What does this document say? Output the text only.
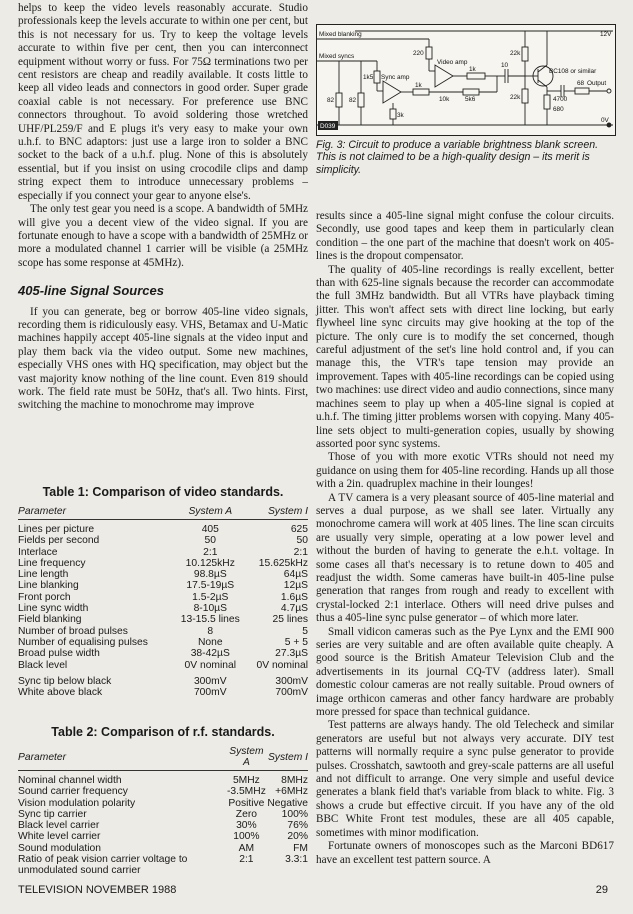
helps to keep the video levels reasonably accurate. Studio professionals keep the levels accurate to within one per cent, but this is not necessary for us. Try to keep the voltage levels accurate to within five per cent, then you can interconnect equipment without worry or fuss. For 75Ω terminations two per cent resistors are cheap and readily available. It costs little to keep all video leads and connectors in good order. Super grade coaxial cable is not necessary. For preference use BNC connectors throughout. To avoid soldering those wretched UHF/PL259/F and E plugs it's very easy to make your own u.h.f. to BNC adaptors: just use a large iron to solder a BNC socket to the back of a u.h.f. plug. None of this is absolutely essential, but if you insist on using crocodile clips and damp string expect them to introduce unnecessary problems – especially if you connect your gear to anyone else's.

The only test gear you need is a scope. A bandwidth of 5MHz will give you a decent view of the video signal. If you are fortunate enough to have a scope with a bandwidth of 25MHz or more a modulated channel 1 carrier will be visible (a 25MHz scope has some response at 45MHz).

405-line Signal Sources

If you can generate, beg or borrow 405-line video signals, recording them is ridiculously easy. VHS, Betamax and U-Matic machines happily accept 405-line signals at the video input and play them back via the video output. Some new machines, especially VHS ones with HQ specification, may object but the vast majority know nothing of the line count. Even 819 should work. The field rate must be 50Hz, that's all. Two hints. First, switching the machine to monochrome may improve

Table 1: Comparison of video standards.
Parameter	System A	System I
Lines per picture	405	625
Fields per second	50	50
Interlace	2:1	2:1
Line frequency	10.125kHz	15.625kHz
Line length	98.8µS	64µS
Line blanking	17.5-19µS	12µS
Front porch	1.5-2µS	1.6µS
Line sync width	8-10µS	4.7µS
Field blanking	13-15.5 lines	25 lines
Number of broad pulses	8	5
Number of equalising pulses	None	5 + 5
Broad pulse width	38-42µS	27.3µS
Black level	0V nominal	0V nominal
Sync tip below black	300mV	300mV
White above black	700mV	700mV
Table 2: Comparison of r.f. standards.
Parameter	System A	System I
Nominal channel width	5MHz	8MHz
Sound carrier frequency	-3.5MHz	+6MHz
Vision modulation polarity	Positive	Negative
Sync tip carrier	Zero	100%
Black level carrier	30%	76%
White level carrier	100%	20%
Sound modulation	AM	FM
Ratio of peak vision carrier voltage to unmodulated sound carrier	2:1	3.3:1
Mixed blanking
Mixed syncs
12V
0V
Video amp
Sync amp
BC108 or similar
Output
220
1k
5k6
10
22k
22k
1k5
1k
10k
82 82
3k
4700
68
680
D039
Fig. 3: Circuit to produce a variable brightness blank screen. This is not claimed to be a high-quality design – its merit is simplicity.

results since a 405-line signal might confuse the colour circuits. Secondly, use good tapes and keep them in particularly clean condition – the one part of the machine that doesn't work on 405-lines is the dropout compensator.

The quality of 405-line recordings is really excellent, better than with 625-line signals because the recorder can accommodate the full 3MHz bandwidth. But all VTRs have playback timing jitter. This won't affect sets with direct line locking, but early flywheel line sync circuits may give hooking at the top of the picture. The only cure is to modify the set concerned, though careful adjustment of the set's line hold control and, if you can manage this, the VTR's tape tension may provide an improvement. Tapes with 405-line recordings can be copied using two machines: use direct video and audio connections, since many machines seem to play up when a 405-line signal is copied at u.h.f. The timing jitter problems worsen with copying. Many 405-line sets object to multi-generation copies, usually by showing assorted poor sync systems.

Those of you with more exotic VTRs should not need my guidance on using them for 405-line recording. Hands up all those with a 2in. quadruplex machine in their lounges!

A TV camera is a very pleasant source of 405-line material and serves a dual purpose, as we shall see later. Virtually any monochrome camera will work at 405 lines. The line scan circuits are usually very simple, operating at a low power level and without the burden of having to generate the e.h.t. voltage. In some cases all that's necessary is to retune down to 405 and readjust the width. Some cameras have built-in 405-line pulse generation that ranges from rough and ready to excellent with crystal-locked 2:1 interlace. Others will need drive pulses and thus a 405-line sync pulse generator – of which more later.

Small vidicon cameras such as the Pye Lynx and the EMI 900 series are very suitable and are often available quite cheaply. A good source is the British Amateur Television Club and the advertisements in its journal CQ-TV (address later). Small domestic colour cameras are not really suitable. Proud owners of image orthicon cameras and other fancy hardware are probably more pressed for space than technical guidance.

Test patterns are always handy. The old Telecheck and similar generators are useful but not always very accurate. DIY test patterns will normally require a sync pulse generator to provide pulses. Crosshatch, sawtooth and grey-scale patterns are all useful and not difficult to arrange. One very simple and useful device generates a blank field that's variable from black to white. Fig. 3 shows a crude but effective circuit. If you have any of the old BBC White Front test modules, these are all 405 capable, sometimes with minor modification.

Fortunate owners of monoscopes such as the Marconi BD617 have an excellent test pattern source. A

TELEVISION NOVEMBER 1988	29
